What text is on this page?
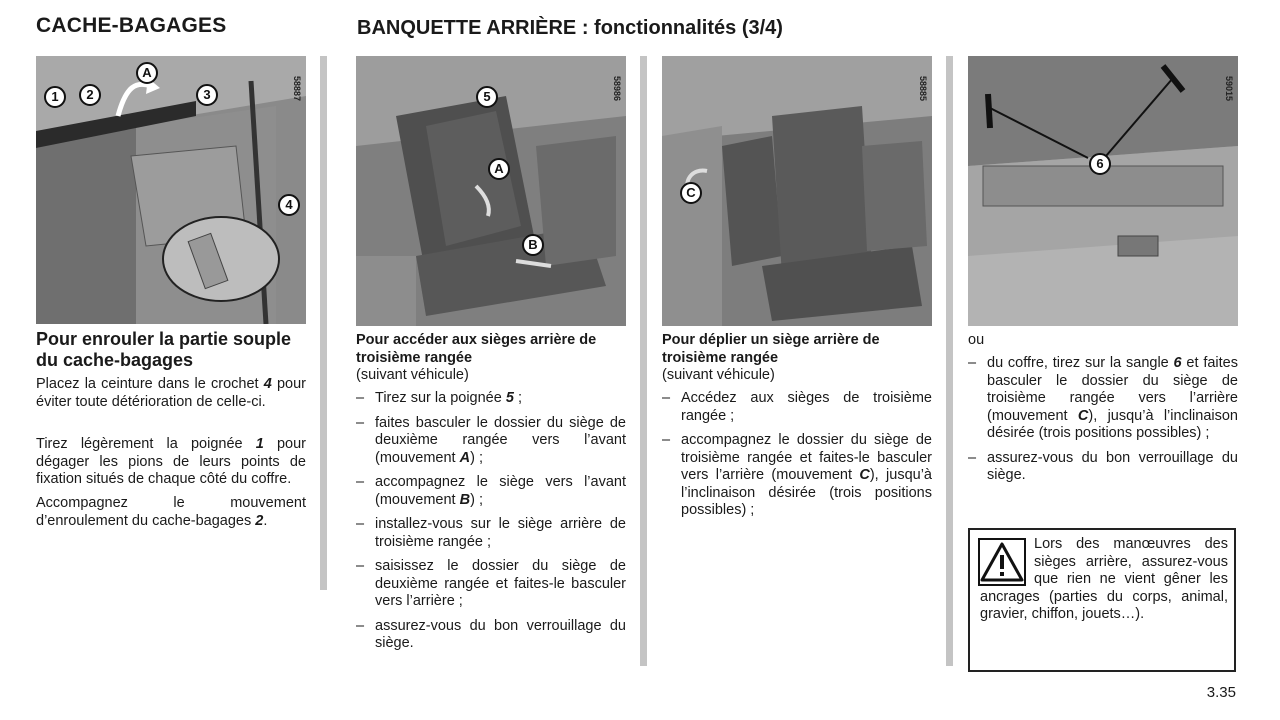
CACHE-BAGAGES	BANQUETTE ARRIÈRE : fonctionnalités (3/4)
1	2
A
3
4
58887	5
A
B
58986
C
58885
6
59015
Pour enrouler la partie souple du cache-bagages

Placez la ceinture dans le crochet 4 pour éviter toute détérioration de celle-ci.

Tirez légèrement la poignée 1 pour dégager les pions de leurs points de fixation situés de chaque côté du coffre.

Accompagnez le mouvement d’enroulement du cache-bagages 2.

Pour accéder aux sièges arrière de troisième rangée
(suivant véhicule)
– Tirez sur la poignée 5 ;
– faites basculer le dossier du siège de deuxième rangée vers l’avant (mouvement A) ;
– accompagnez le siège vers l’avant (mouvement B) ;
– installez-vous sur le siège arrière de troisième rangée ;
– saisissez le dossier du siège de deuxième rangée et faites-le basculer vers l’arrière ;
– assurez-vous du bon verrouillage du siège.
Pour déplier un siège arrière de troisième rangée
(suivant véhicule)
– Accédez aux sièges de troisième rangée ;
– accompagnez le dossier du siège de troisième rangée et faites-le basculer vers l’arrière (mouvement C), jusqu’à l’inclinaison désirée (trois positions possibles) ;
ou
– du coffre, tirez sur la sangle 6 et faites basculer le dossier du siège de troisième rangée vers l’arrière (mouvement C), jusqu’à l’inclinaison désirée (trois positions possibles) ;
– assurez-vous du bon verrouillage du siège.
Lors des manœuvres des sièges arrière, assurez-vous que rien ne vient gêner les ancrages (parties du corps, animal, gravier, chiffon, jouets…).
3.35
